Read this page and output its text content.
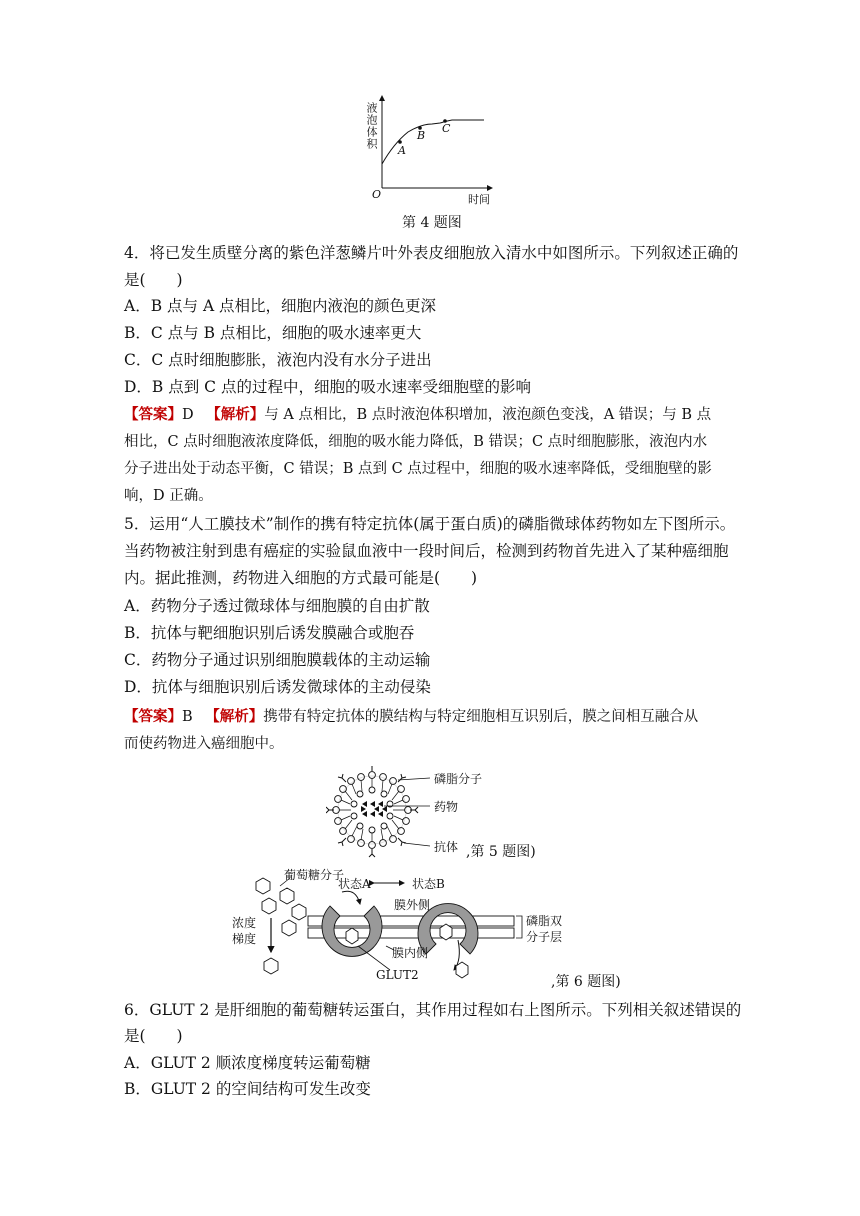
液泡体积
A
B
C
O	时间
第 4 题图
4．将已发生质壁分离的紫色洋葱鳞片叶外表皮细胞放入清水中如图所示。下列叙述正确的
是(　　)
A．B 点与 A 点相比，细胞内液泡的颜色更深
B．C 点与 B 点相比，细胞的吸水速率更大
C．C 点时细胞膨胀，液泡内没有水分子进出
D．B 点到 C 点的过程中，细胞的吸水速率受细胞壁的影响
【答案】D 【解析】与 A 点相比，B 点时液泡体积增加，液泡颜色变浅，A 错误；与 B 点
相比，C 点时细胞液浓度降低，细胞的吸水能力降低，B 错误；C 点时细胞膨胀，液泡内水
分子进出处于动态平衡，C 错误；B 点到 C 点过程中，细胞的吸水速率降低，受细胞壁的影
响，D 正确。
5．运用“人工膜技术”制作的携有特定抗体(属于蛋白质)的磷脂微球体药物如左下图所示。
当药物被注射到患有癌症的实验鼠血液中一段时间后，检测到药物首先进入了某种癌细胞
内。据此推测，药物进入细胞的方式最可能是(　　)
A．药物分子透过微球体与细胞膜的自由扩散
B．抗体与靶细胞识别后诱发膜融合或胞吞
C．药物分子通过识别细胞膜载体的主动运输
D．抗体与细胞识别后诱发微球体的主动侵染
【答案】B 【解析】携带有特定抗体的膜结构与特定细胞相互识别后，膜之间相互融合从
而使药物进入癌细胞中。
磷脂分子
药物
抗体 ,第 5 题图)
葡萄糖分子
状态A	状态B
膜外侧
浓度
梯度
磷脂双
分子层
膜内侧
GLUT2	,第 6 题图)
6．GLUT 2 是肝细胞的葡萄糖转运蛋白，其作用过程如右上图所示。下列相关叙述错误的
是(　　)
A．GLUT 2 顺浓度梯度转运葡萄糖
B．GLUT 2 的空间结构可发生改变
